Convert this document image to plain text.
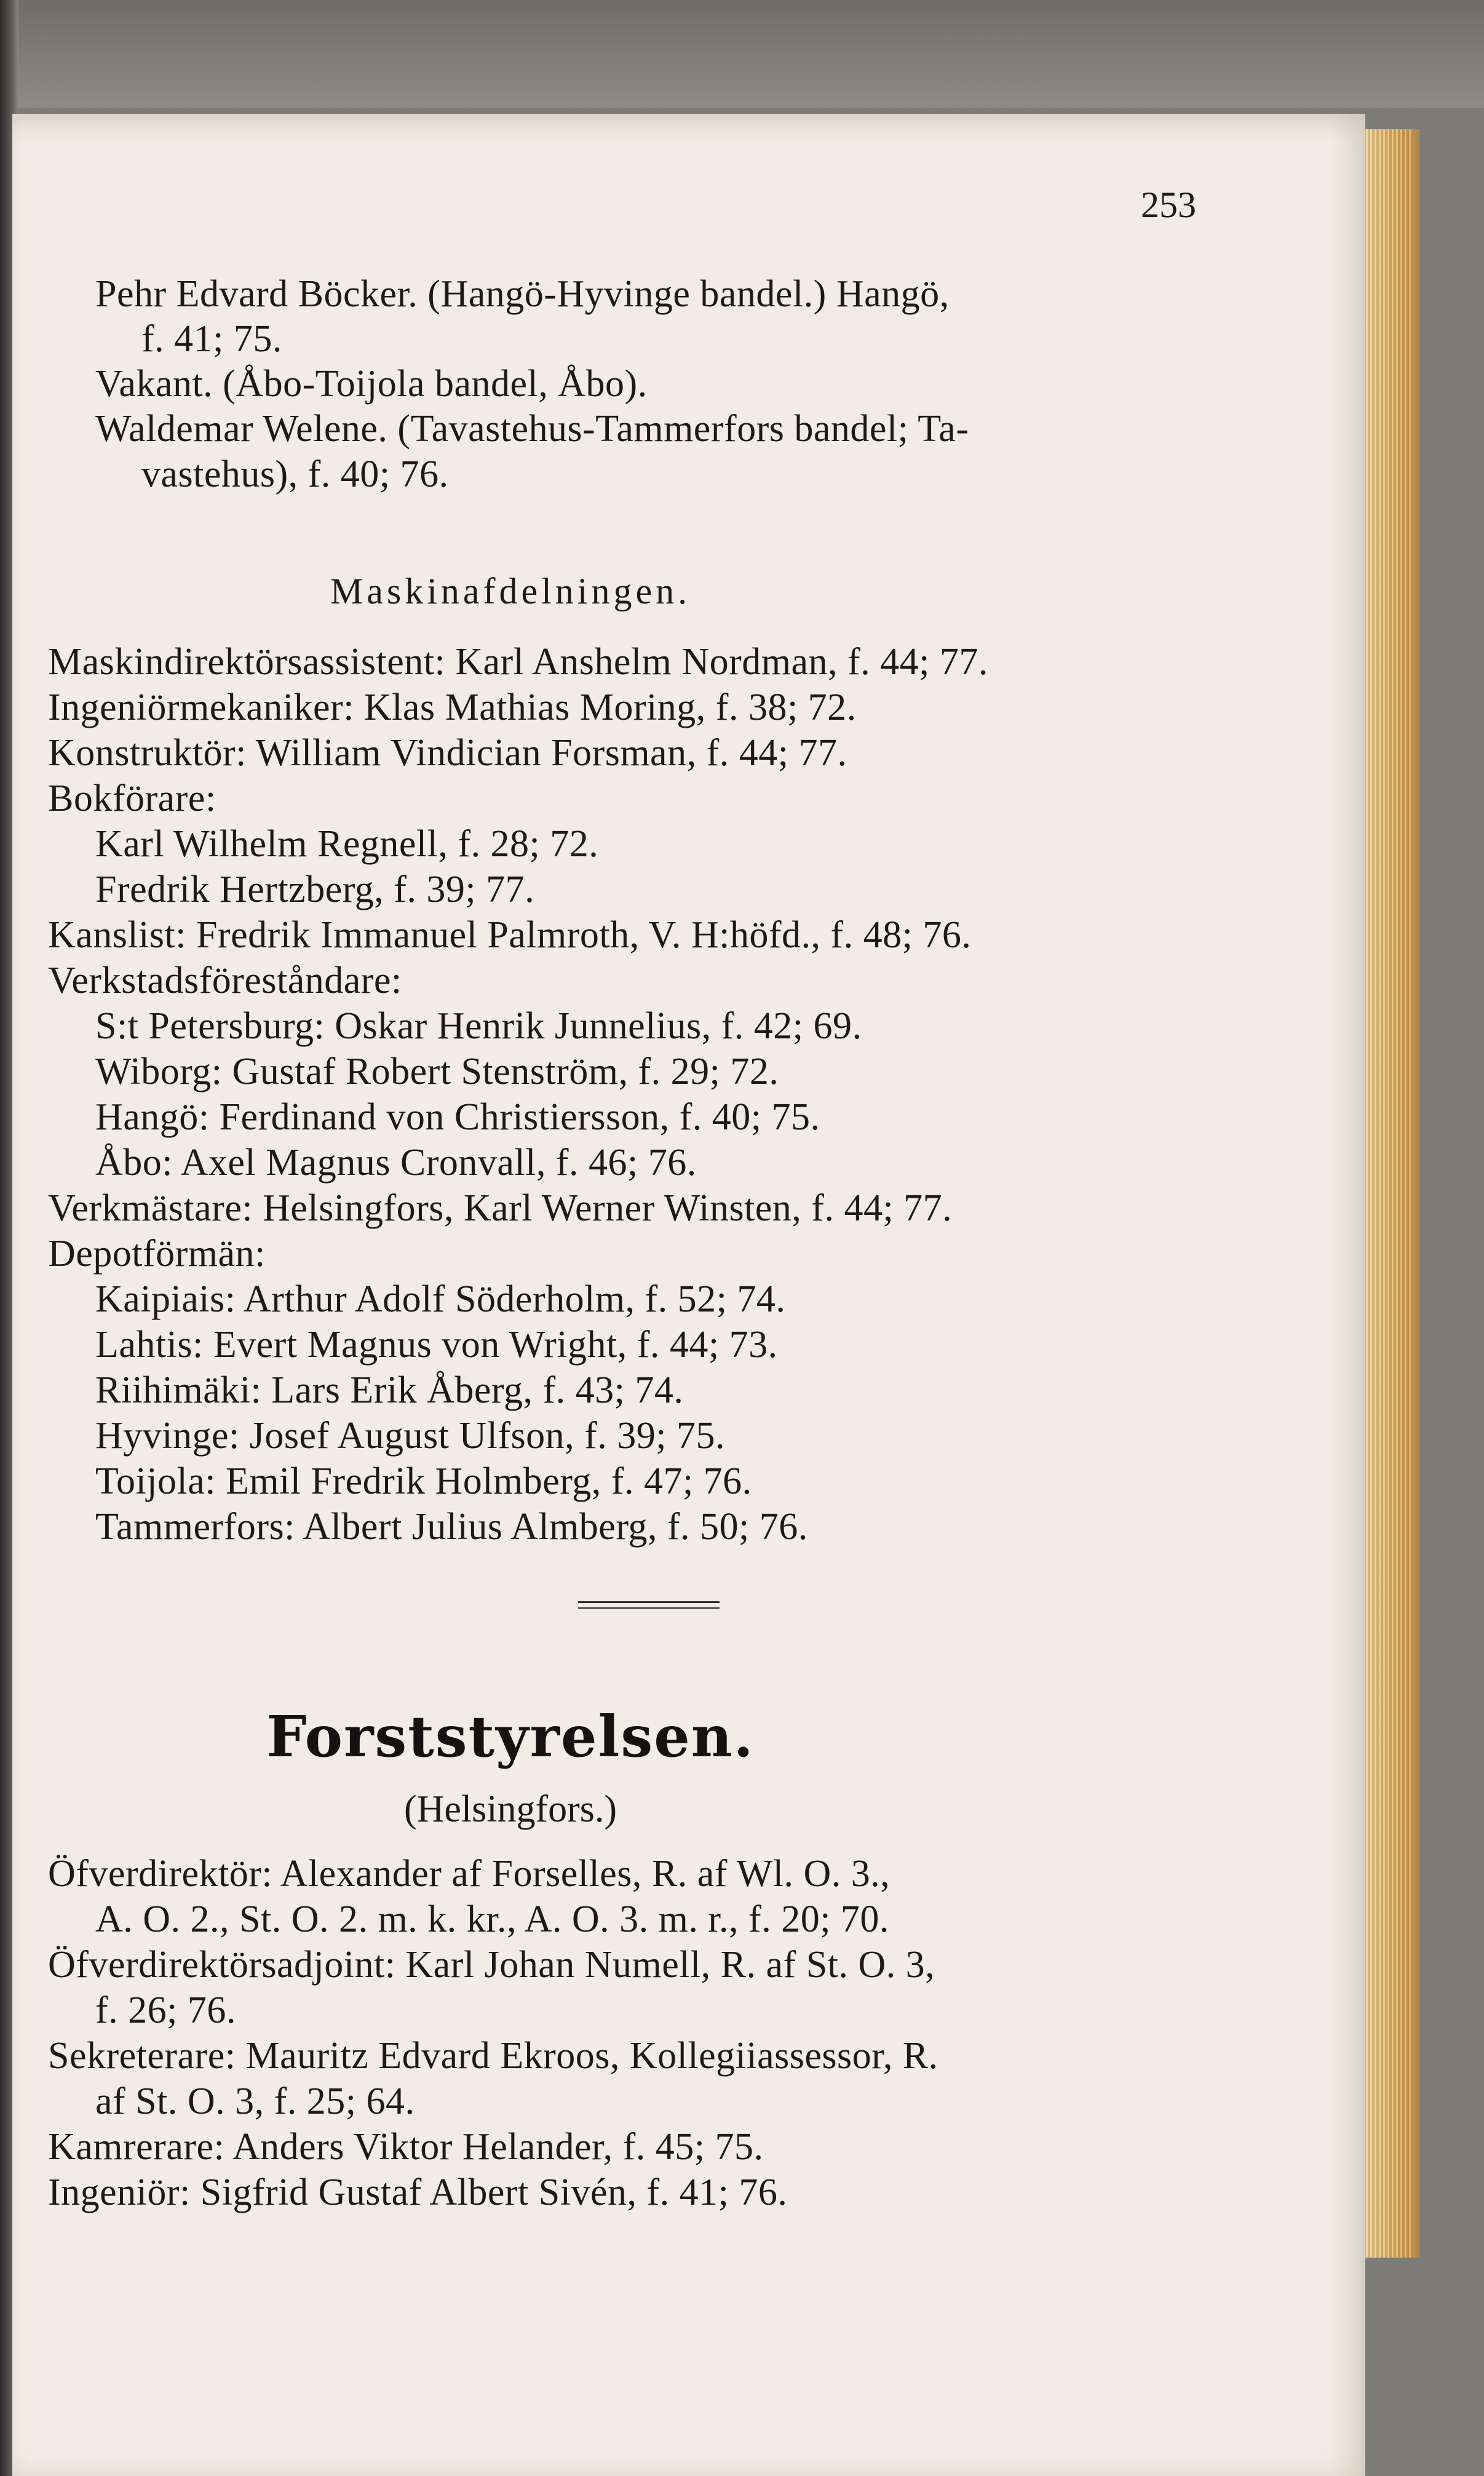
253
Pehr Edvard Böcker. (Hangö-Hyvinge bandel.) Hangö,
f. 41; 75.
Vakant. (Åbo-Toijola bandel, Åbo).
Waldemar Welene. (Tavastehus-Tammerfors bandel; Ta-
vastehus), f. 40; 76.
Maskinafdelningen.
Maskindirektörsassistent: Karl Anshelm Nordman, f. 44; 77.
Ingeniörmekaniker: Klas Mathias Moring, f. 38; 72.
Konstruktör: William Vindician Forsman, f. 44; 77.
Bokförare:
Karl Wilhelm Regnell, f. 28; 72.
Fredrik Hertzberg, f. 39; 77.
Kanslist: Fredrik Immanuel Palmroth, V. H:höfd., f. 48; 76.
Verkstadsföreståndare:
S:t Petersburg: Oskar Henrik Junnelius, f. 42; 69.
Wiborg: Gustaf Robert Stenström, f. 29; 72.
Hangö: Ferdinand von Christiersson, f. 40; 75.
Åbo: Axel Magnus Cronvall, f. 46; 76.
Verkmästare: Helsingfors, Karl Werner Winsten, f. 44; 77.
Depotförmän:
Kaipiais: Arthur Adolf Söderholm, f. 52; 74.
Lahtis: Evert Magnus von Wright, f. 44; 73.
Riihimäki: Lars Erik Åberg, f. 43; 74.
Hyvinge: Josef August Ulfson, f. 39; 75.
Toijola: Emil Fredrik Holmberg, f. 47; 76.
Tammerfors: Albert Julius Almberg, f. 50; 76.
Forststyrelsen.
(Helsingfors.)
Öfverdirektör: Alexander af Forselles, R. af Wl. O. 3.,
A. O. 2., St. O. 2. m. k. kr., A. O. 3. m. r., f. 20; 70.
Öfverdirektörsadjoint: Karl Johan Numell, R. af St. O. 3,
f. 26; 76.
Sekreterare: Mauritz Edvard Ekroos, Kollegiiassessor, R.
af St. O. 3, f. 25; 64.
Kamrerare: Anders Viktor Helander, f. 45; 75.
Ingeniör: Sigfrid Gustaf Albert Sivén, f. 41; 76.
